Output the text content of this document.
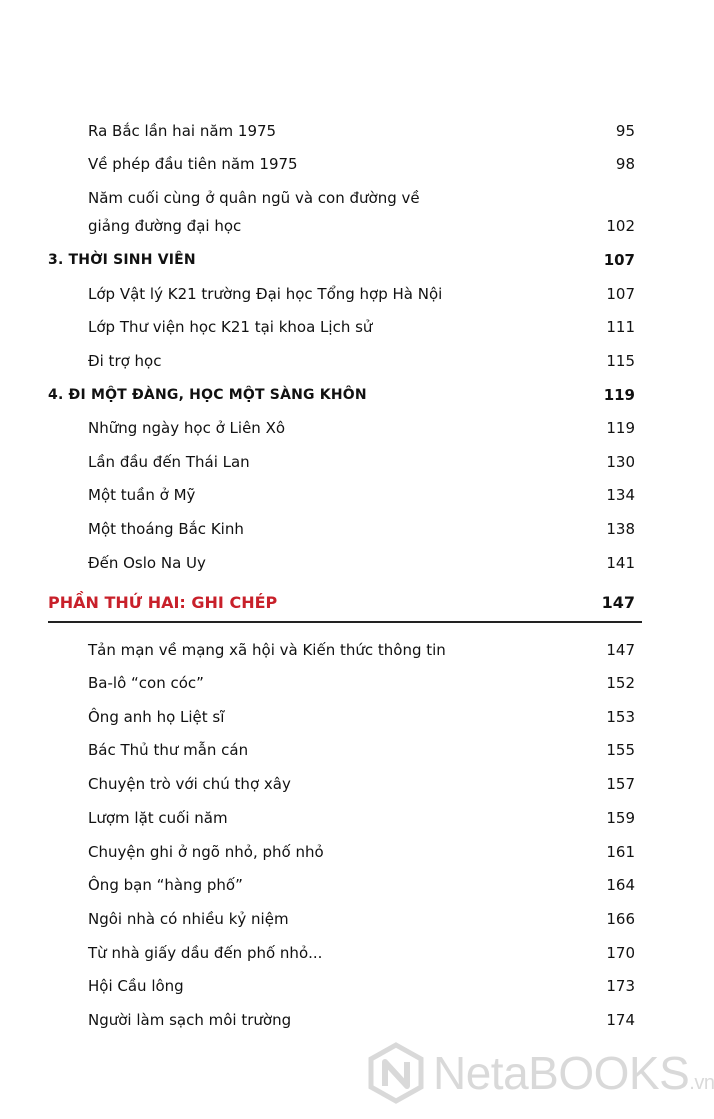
Ra Bắc lần hai năm 1975	95
Về phép đầu tiên năm 1975	98
Năm cuối cùng ở quân ngũ và con đường về
giảng đường đại học	102
3. THỜI SINH VIÊN	107
Lớp Vật lý K21 trường Đại học Tổng hợp Hà Nội	107
Lớp Thư viện học K21 tại khoa Lịch sử	111
Đi trợ học	115
4. ĐI MỘT ĐÀNG, HỌC MỘT SÀNG KHÔN	119
Những ngày học ở Liên Xô	119
Lần đầu đến Thái Lan	130
Một tuần ở Mỹ	134
Một thoáng Bắc Kinh	138
Đến Oslo Na Uy	141
PHẦN THỨ HAI: GHI CHÉP	147
Tản mạn về mạng xã hội và Kiến thức thông tin	147
Ba-lô “con cóc”	152
Ông anh họ Liệt sĩ	153
Bác Thủ thư mẫn cán	155
Chuyện trò với chú thợ xây	157
Lượm lặt cuối năm	159
Chuyện ghi ở ngõ nhỏ, phố nhỏ	161
Ông bạn “hàng phố”	164
Ngôi nhà có nhiều kỷ niệm	166
Từ nhà giấy dầu đến phố nhỏ...	170
Hội Cầu lông	173
Người làm sạch môi trường	174
NetaBOOKS.vn
